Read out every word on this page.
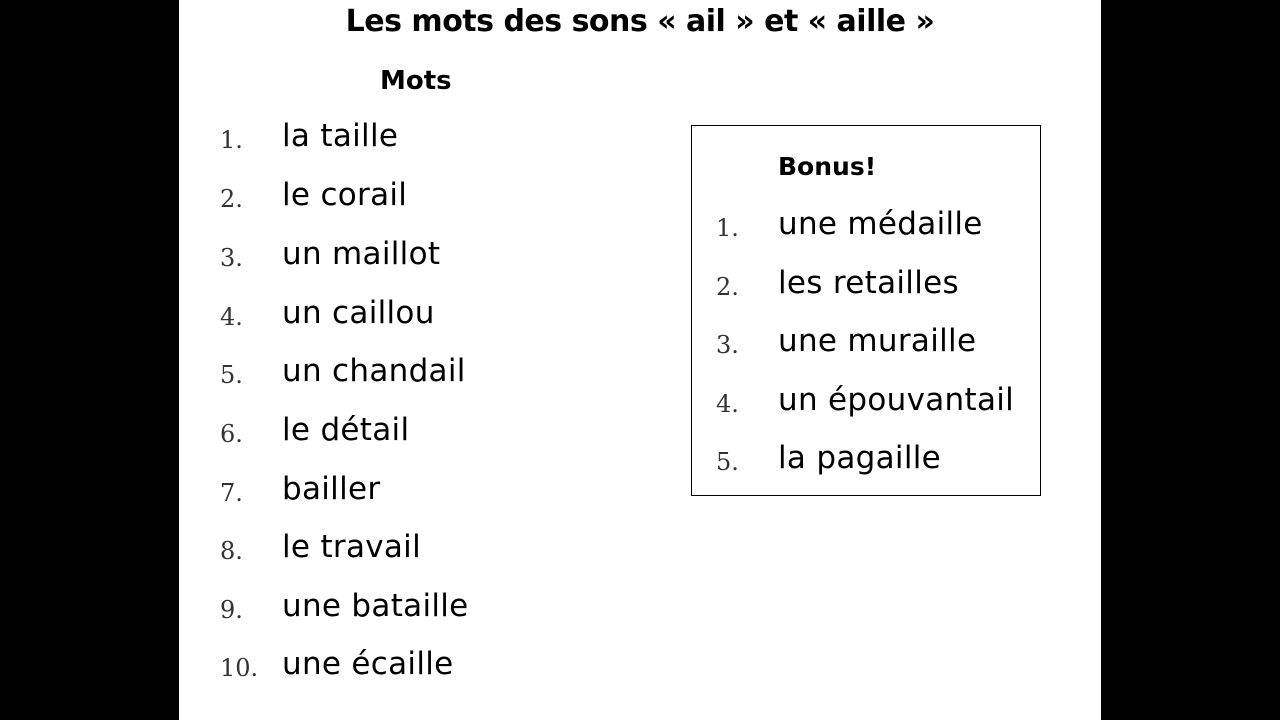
Les mots des sons « ail » et « aille »
Mots
1. la taille
2. le corail
3. un maillot
4. un caillou
5. un chandail
6. le détail
7. bailler
8. le travail
9. une bataille
10. une écaille
Bonus!
1. une médaille
2. les retailles
3. une muraille
4. un épouvantail
5. la pagaille
